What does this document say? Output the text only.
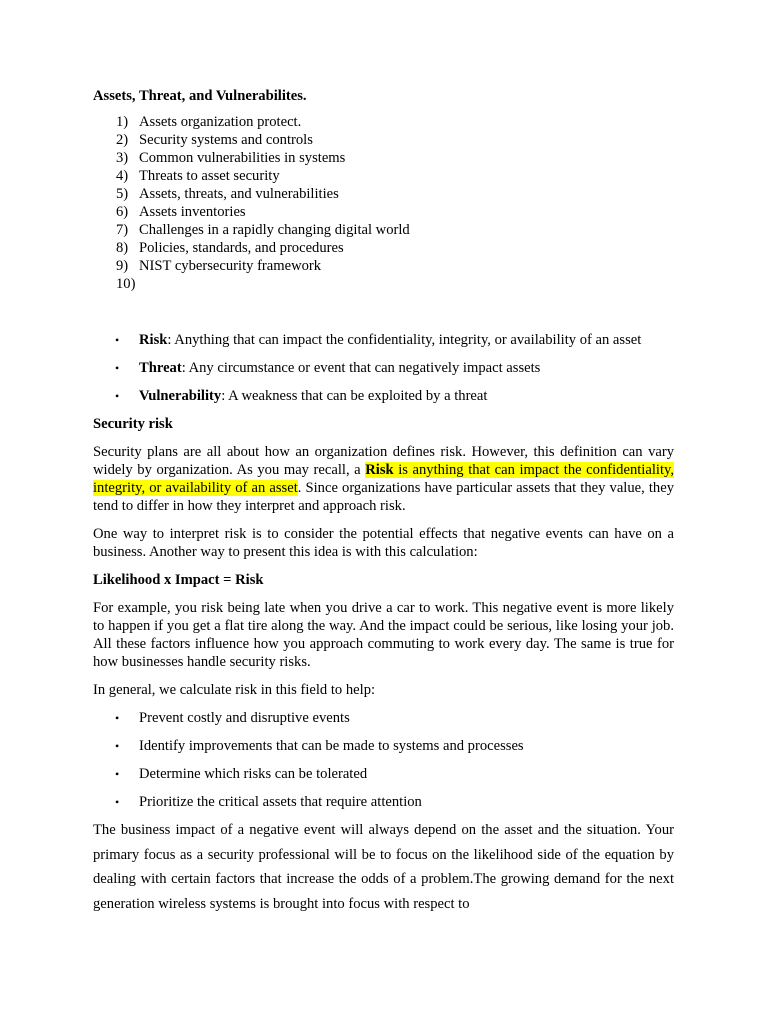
Assets, Threat, and Vulnerabilites.
1) Assets organization protect.
2) Security systems and controls
3) Common vulnerabilities in systems
4) Threats to asset security
5) Assets, threats, and vulnerabilities
6) Assets inventories
7) Challenges in a rapidly changing digital world
8) Policies, standards, and procedures
9) NIST cybersecurity framework
10)
• Risk: Anything that can impact the confidentiality, integrity, or availability of an asset
• Threat: Any circumstance or event that can negatively impact assets
• Vulnerability: A weakness that can be exploited by a threat
Security risk

Security plans are all about how an organization defines risk. However, this definition can vary widely by organization. As you may recall, a Risk is anything that can impact the confidentiality, integrity, or availability of an asset. Since organizations have particular assets that they value, they tend to differ in how they interpret and approach risk.

One way to interpret risk is to consider the potential effects that negative events can have on a business. Another way to present this idea is with this calculation:

Likelihood x Impact = Risk

For example, you risk being late when you drive a car to work. This negative event is more likely to happen if you get a flat tire along the way. And the impact could be serious, like losing your job. All these factors influence how you approach commuting to work every day. The same is true for how businesses handle security risks.

In general, we calculate risk in this field to help:

• Prevent costly and disruptive events
• Identify improvements that can be made to systems and processes
• Determine which risks can be tolerated
• Prioritize the critical assets that require attention

The business impact of a negative event will always depend on the asset and the situation. Your primary focus as a security professional will be to focus on the likelihood side of the equation by dealing with certain factors that increase the odds of a problem.The growing demand for the next generation wireless systems is brought into focus with respect to
